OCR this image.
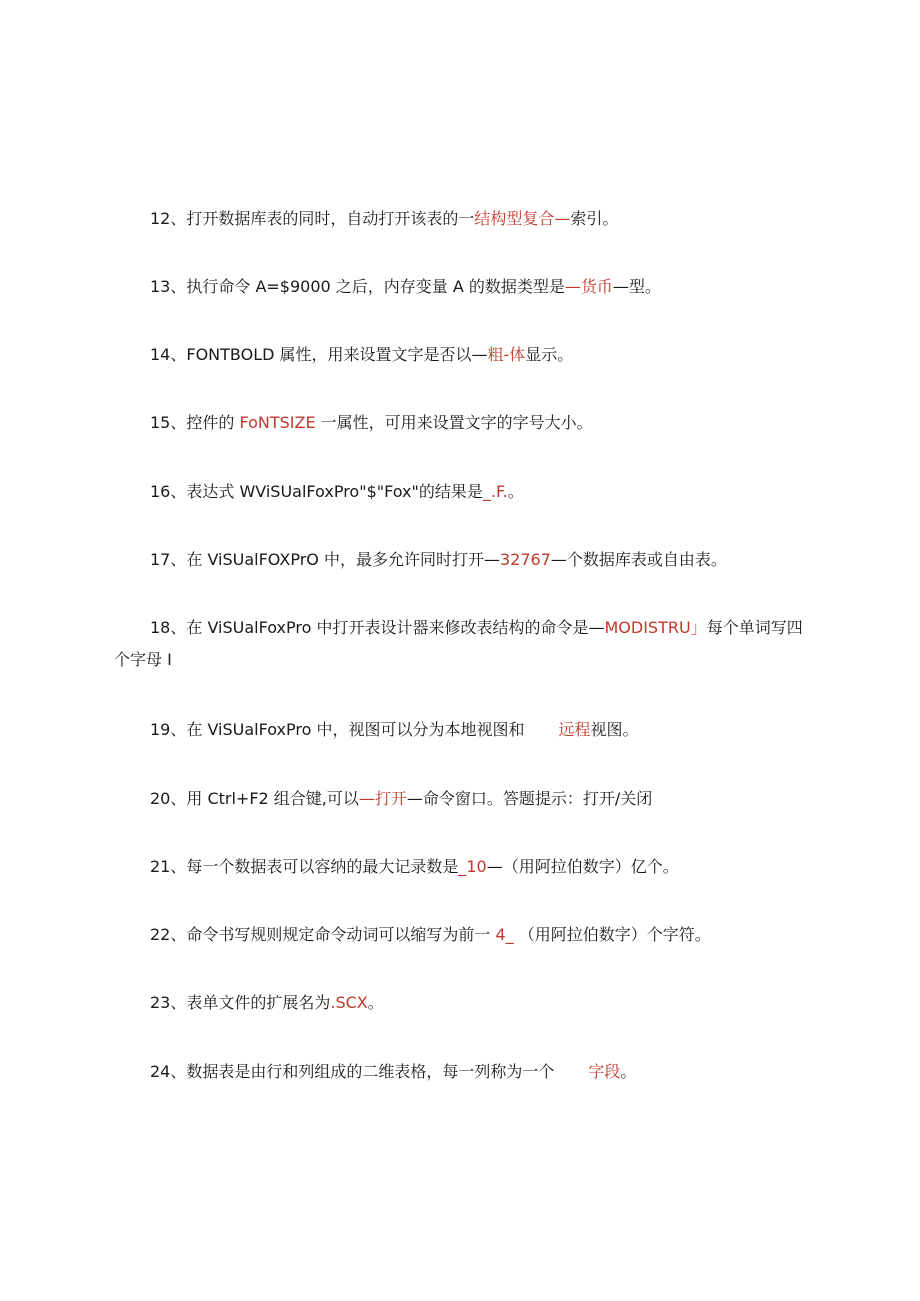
12、打开数据库表的同时，自动打开该表的一结构型复合—索引。
13、执行命令 A=$9000 之后，内存变量 A 的数据类型是—货币—型。
14、FONTBOLD 属性，用来设置文字是否以—粗-体显示。
15、控件的 FoNTSIZE 一属性，可用来设置文字的字号大小。
16、表达式 WViSUalFoxPro"$"Fox"的结果是_.F.。
17、在 ViSUalFOXPrO 中，最多允许同时打开—32767—个数据库表或自由表。
18、在 ViSUalFoxPro 中打开表设计器来修改表结构的命令是—MODISTRU」每个单词写四个字母 I
19、在 ViSUalFoxPro 中，视图可以分为本地视图和 远程视图。
20、用 Ctrl+F2 组合键,可以—打开—命令窗口。答题提示：打开/关闭
21、每一个数据表可以容纳的最大记录数是_10—（用阿拉伯数字）亿个。
22、命令书写规则规定命令动词可以缩写为前一 4_ （用阿拉伯数字）个字符。
23、表单文件的扩展名为.SCX。
24、数据表是由行和列组成的二维表格，每一列称为一个 字段。
